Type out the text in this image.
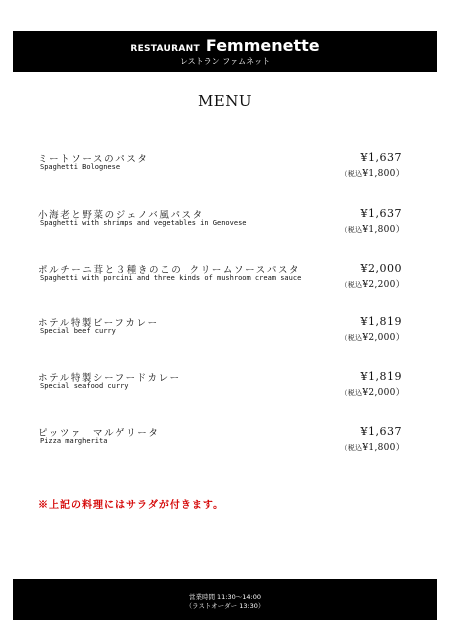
RESTAURANT Femmenette
レストラン ファムネット
MENU
ミートソースのパスタ
Spaghetti Bolognese
¥1,637
（税込¥1,800）
小海老と野菜のジェノバ風パスタ
Spaghetti with shrimps and vegetables in Genovese
¥1,637
（税込¥1,800）
ポルチーニ茸と３種きのこの クリームソースパスタ
Spaghetti with porcini and three kinds of mushroom cream sauce
¥2,000
（税込¥2,200）
ホテル特製ビーフカレー
Special beef curry
¥1,819
（税込¥2,000）
ホテル特製シーフードカレー
Special seafood curry
¥1,819
（税込¥2,000）
ピッツァ　マルゲリータ
Pizza margherita
¥1,637
（税込¥1,800）
※上記の料理にはサラダが付きます。
営業時間 11:30～14:00
（ラストオーダー 13:30）
